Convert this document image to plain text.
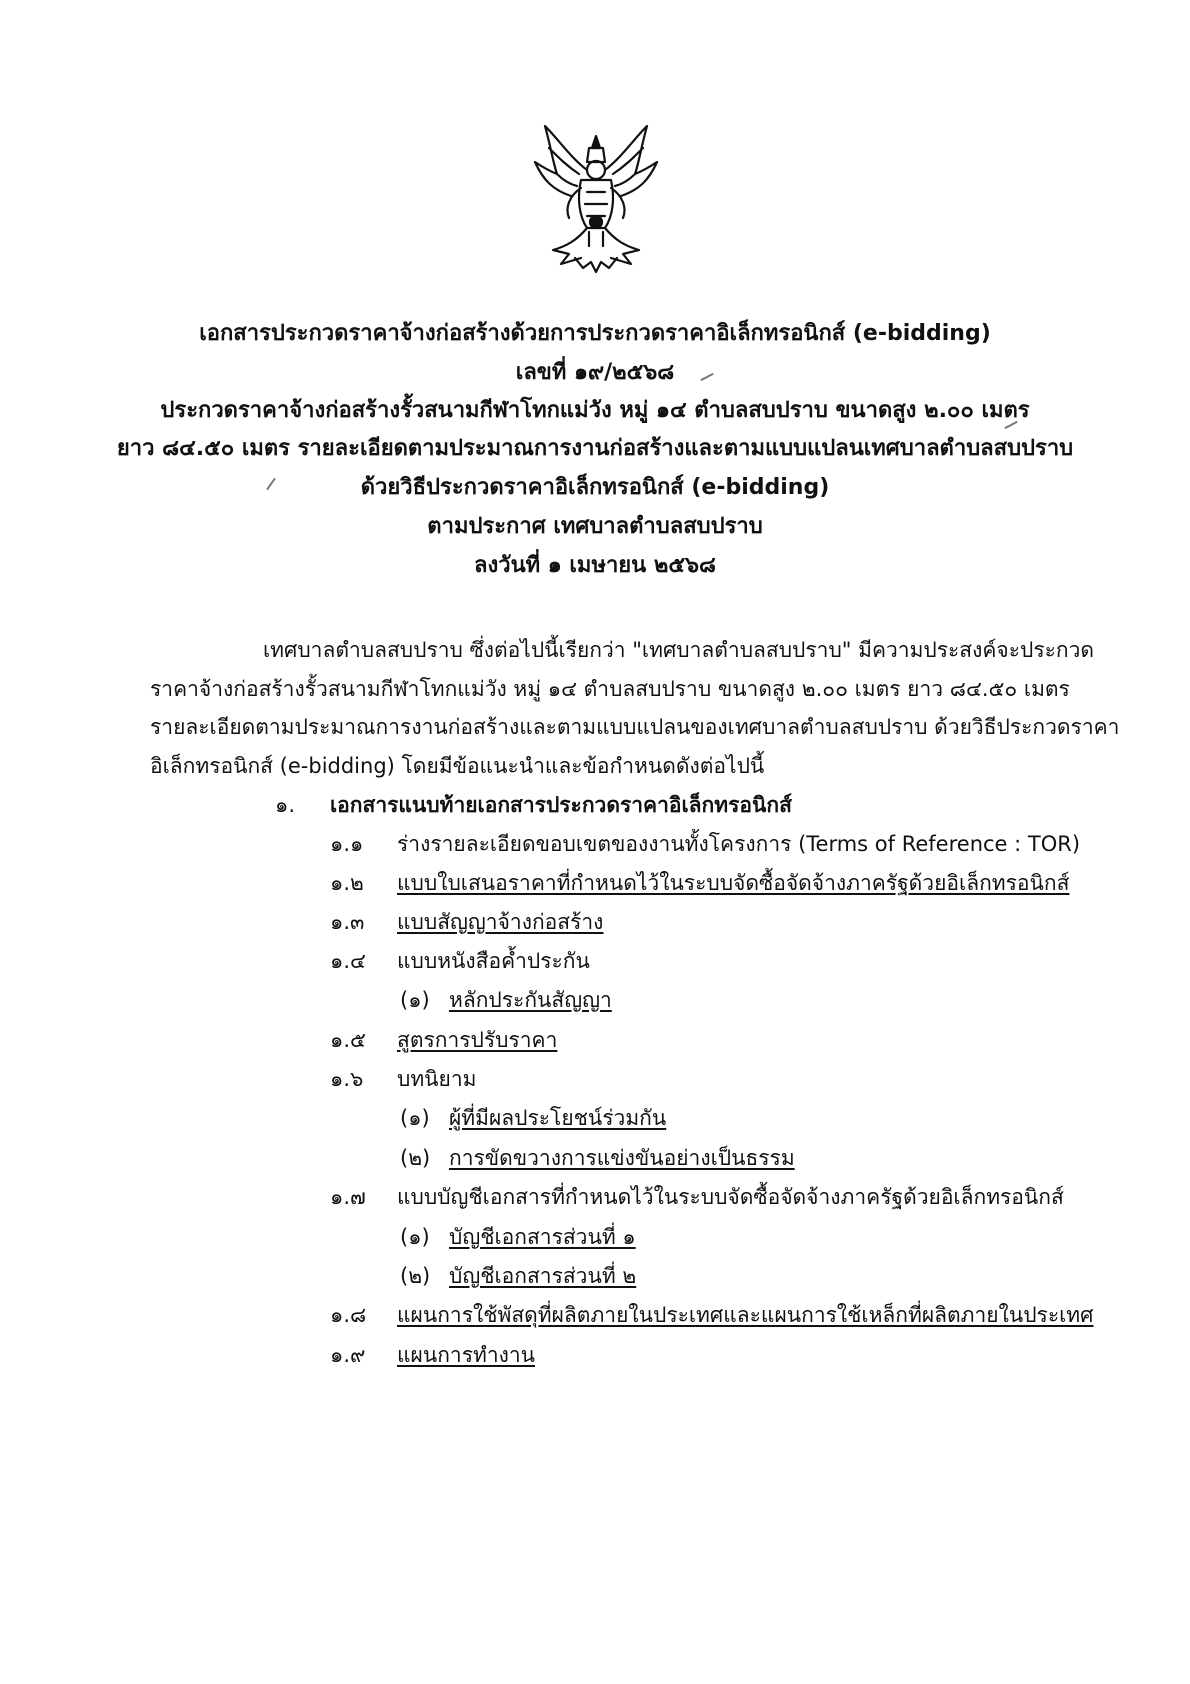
เอกสารประกวดราคาจ้างก่อสร้างด้วยการประกวดราคาอิเล็กทรอนิกส์ (e-bidding)
เลขที่ ๑๙/๒๕๖๘
ประกวดราคาจ้างก่อสร้างรั้วสนามกีฬาโทกแม่วัง หมู่ ๑๔ ตำบลสบปราบ ขนาดสูง ๒.๐๐ เมตร
ยาว ๘๔.๕๐ เมตร รายละเอียดตามประมาณการงานก่อสร้างและตามแบบแปลนเทศบาลตำบลสบปราบ
ด้วยวิธีประกวดราคาอิเล็กทรอนิกส์ (e-bidding)
ตามประกาศ เทศบาลตำบลสบปราบ
ลงวันที่ ๑ เมษายน ๒๕๖๘
เทศบาลตำบลสบปราบ ซึ่งต่อไปนี้เรียกว่า "เทศบาลตำบลสบปราบ" มีความประสงค์จะประกวด
ราคาจ้างก่อสร้างรั้วสนามกีฬาโทกแม่วัง หมู่ ๑๔ ตำบลสบปราบ ขนาดสูง ๒.๐๐ เมตร ยาว ๘๔.๕๐ เมตร
รายละเอียดตามประมาณการงานก่อสร้างและตามแบบแปลนของเทศบาลตำบลสบปราบ ด้วยวิธีประกวดราคา
อิเล็กทรอนิกส์ (e-bidding) โดยมีข้อแนะนำและข้อกำหนดดังต่อไปนี้
๑. เอกสารแนบท้ายเอกสารประกวดราคาอิเล็กทรอนิกส์
๑.๑ ร่างรายละเอียดขอบเขตของงานทั้งโครงการ (Terms of Reference : TOR)
๑.๒ แบบใบเสนอราคาที่กำหนดไว้ในระบบจัดซื้อจัดจ้างภาครัฐด้วยอิเล็กทรอนิกส์
๑.๓ แบบสัญญาจ้างก่อสร้าง
๑.๔ แบบหนังสือค้ำประกัน
(๑) หลักประกันสัญญา
๑.๕ สูตรการปรับราคา
๑.๖ บทนิยาม
(๑) ผู้ที่มีผลประโยชน์ร่วมกัน
(๒) การขัดขวางการแข่งขันอย่างเป็นธรรม
๑.๗ แบบบัญชีเอกสารที่กำหนดไว้ในระบบจัดซื้อจัดจ้างภาครัฐด้วยอิเล็กทรอนิกส์
(๑) บัญชีเอกสารส่วนที่ ๑
(๒) บัญชีเอกสารส่วนที่ ๒
๑.๘ แผนการใช้พัสดุที่ผลิตภายในประเทศและแผนการใช้เหล็กที่ผลิตภายในประเทศ
๑.๙ แผนการทำงาน
